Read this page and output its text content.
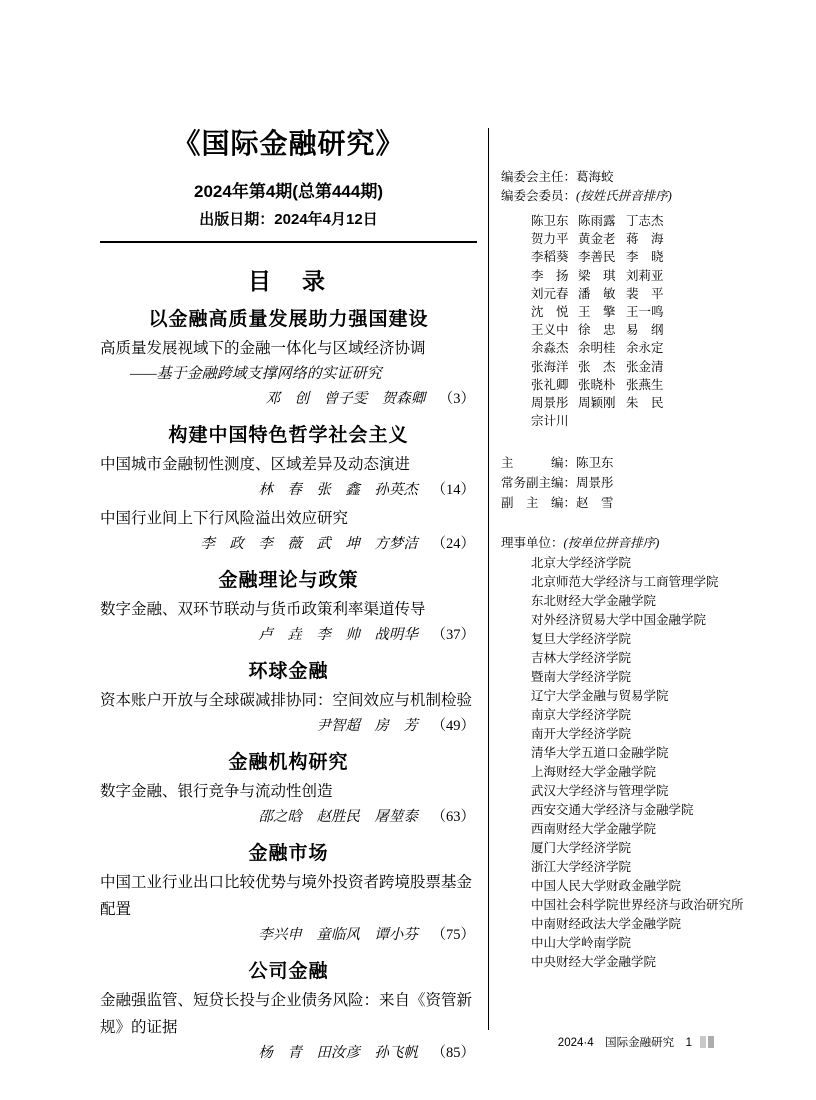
《国际金融研究》
2024年第4期(总第444期)
出版日期：2024年4月12日
目　录
以金融高质量发展助力强国建设
高质量发展视域下的金融一体化与区域经济协调
——基于金融跨域支撑网络的实证研究
邓　创　曾子雯　贺森卿 （3）
构建中国特色哲学社会主义
中国城市金融韧性测度、区域差异及动态演进
林　春　张　鑫　孙英杰 （14）
中国行业间上下行风险溢出效应研究
李　政　李　薇　武　坤　方梦洁 （24）
金融理论与政策
数字金融、双环节联动与货币政策利率渠道传导
卢　垚　李　帅　战明华 （37）
环球金融
资本账户开放与全球碳减排协同：空间效应与机制检验
尹智超　房　芳 （49）
金融机构研究
数字金融、银行竞争与流动性创造
邵之晗　赵胜民　屠堃泰 （63）
金融市场
中国工业行业出口比较优势与境外投资者跨境股票基金配置
李兴申　童临风　谭小芬 （75）
公司金融
金融强监管、短贷长投与企业债务风险：来自《资管新规》的证据
杨　青　田汝彦　孙飞帆 （85）
编委会主任：葛海蛟
编委会委员：(按姓氏拼音排序)
陈卫东 陈雨露 丁志杰
贺力平 黄金老 蒋　海
李稻葵 李善民 李　晓
李　扬 梁　琪 刘莉亚
刘元春 潘　敏 裴　平
沈　悦 王　擎 王一鸣
王义中 徐　忠 易　纲
余淼杰 余明桂 余永定
张海洋 张　杰 张金清
张礼卿 张晓朴 张燕生
周景彤 周颖刚 朱　民
宗计川
主　　　编：陈卫东
常务副主编：周景彤
副　主　编：赵　雪
理事单位：(按单位拼音排序)
北京大学经济学院
北京师范大学经济与工商管理学院
东北财经大学金融学院
对外经济贸易大学中国金融学院
复旦大学经济学院
吉林大学经济学院
暨南大学经济学院
辽宁大学金融与贸易学院
南京大学经济学院
南开大学经济学院
清华大学五道口金融学院
上海财经大学金融学院
武汉大学经济与管理学院
西安交通大学经济与金融学院
西南财经大学金融学院
厦门大学经济学院
浙江大学经济学院
中国人民大学财政金融学院
中国社会科学院世界经济与政治研究所
中南财经政法大学金融学院
中山大学岭南学院
中央财经大学金融学院
2024·4　国际金融研究　1
